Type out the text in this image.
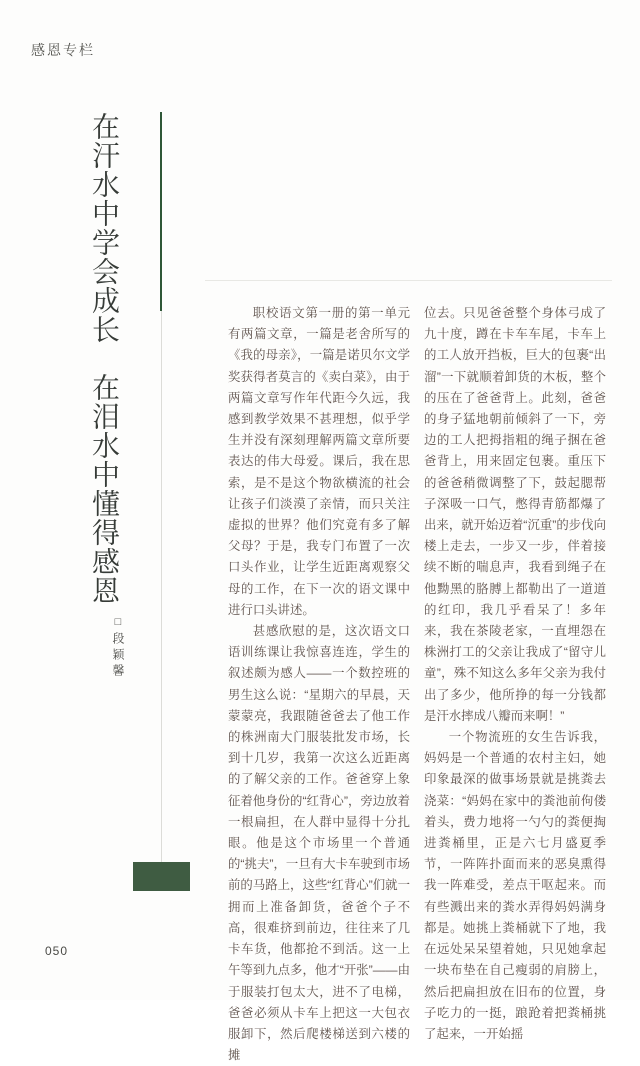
感恩专栏
在汗水中学会成长　在泪水中懂得感恩
□段颖馨

职校语文第一册的第一单元有两篇文章，一篇是老舍所写的《我的母亲》，一篇是诺贝尔文学奖获得者莫言的《卖白菜》，由于两篇文章写作年代距今久远，我感到教学效果不甚理想，似乎学生并没有深刻理解两篇文章所要表达的伟大母爱。课后，我在思索，是不是这个物欲横流的社会让孩子们淡漠了亲情，而只关注虚拟的世界？他们究竟有多了解父母？于是，我专门布置了一次口头作业，让学生近距离观察父母的工作，在下一次的语文课中进行口头讲述。

甚感欣慰的是，这次语文口语训练课让我惊喜连连，学生的叙述颇为感人——一个数控班的男生这么说：“星期六的早晨，天蒙蒙亮，我跟随爸爸去了他工作的株洲南大门服装批发市场，长到十几岁，我第一次这么近距离的了解父亲的工作。爸爸穿上象征着他身份的“红背心”，旁边放着一根扁担，在人群中显得十分扎眼。他是这个市场里一个普通的“挑夫”，一旦有大卡车驶到市场前的马路上，这些“红背心”们就一拥而上准备卸货，爸爸个子不高，很难挤到前边，往往来了几卡车货，他都抢不到活。这一上午等到九点多，他才“开张”——由于服装打包太大，进不了电梯，爸爸必须从卡车上把这一大包衣服卸下，然后爬楼梯送到六楼的摊

位去。只见爸爸整个身体弓成了九十度，蹲在卡车车尾，卡车上的工人放开挡板，巨大的包裹“出溜”一下就顺着卸货的木板，整个的压在了爸爸背上。此刻，爸爸的身子猛地朝前倾斜了一下，旁边的工人把拇指粗的绳子捆在爸爸背上，用来固定包裹。重压下的爸爸稍微调整了下，鼓起腮帮子深吸一口气，憋得青筋都爆了出来，就开始迈着“沉重”的步伐向楼上走去，一步又一步，伴着接续不断的喘息声，我看到绳子在他黝黑的胳膊上都勒出了一道道的红印，我几乎看呆了！多年来，我在茶陵老家，一直埋怨在株洲打工的父亲让我成了“留守儿童”，殊不知这么多年父亲为我付出了多少，他所挣的每一分钱都是汗水摔成八瓣而来啊！”

一个物流班的女生告诉我，妈妈是一个普通的农村主妇，她印象最深的做事场景就是挑粪去浇菜：“妈妈在家中的粪池前佝偻着头，费力地将一勺勺的粪便掏进粪桶里，正是六七月盛夏季节，一阵阵扑面而来的恶臭熏得我一阵难受，差点干呕起来。而有些溅出来的粪水弄得妈妈满身都是。她挑上粪桶就下了地，我在远处呆呆望着她，只见她拿起一块布垫在自己瘦弱的肩膀上，然后把扁担放在旧布的位置，身子吃力的一挺，踉跄着把粪桶挑了起来，一开始摇

050
